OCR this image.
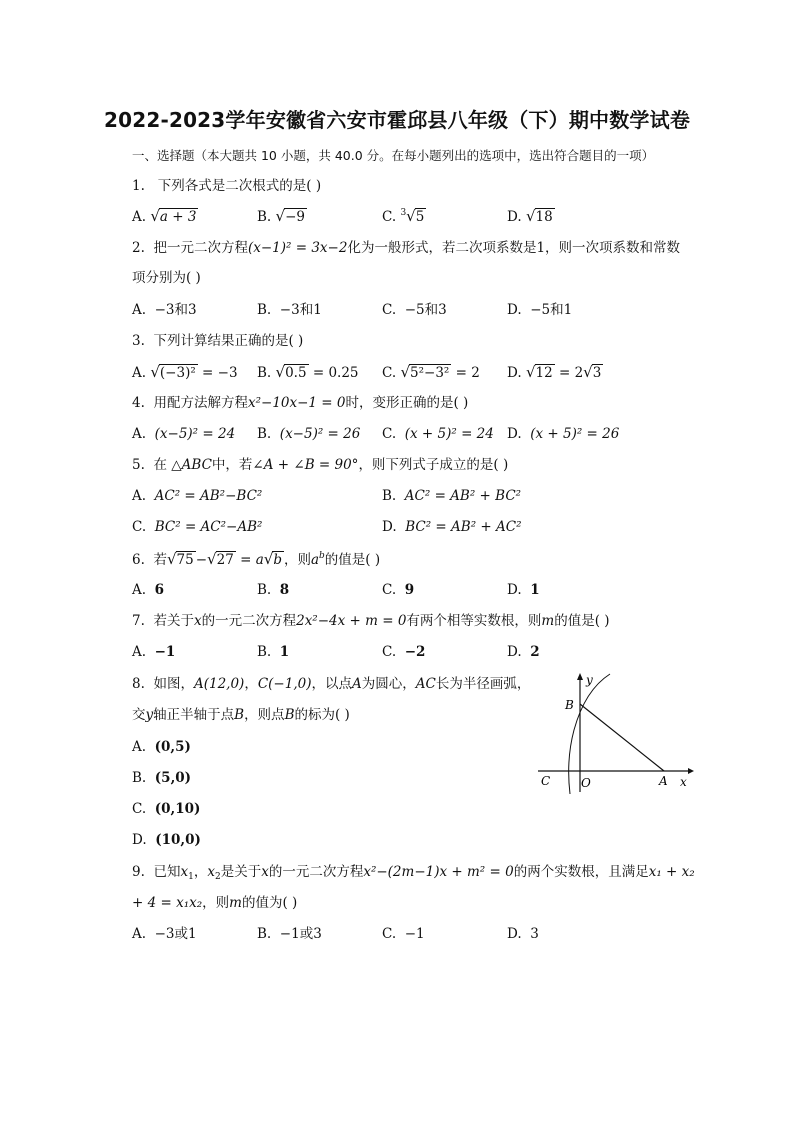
2022-2023学年安徽省六安市霍邱县八年级（下）期中数学试卷
一、选择题（本大题共 10 小题，共 40.0 分。在每小题列出的选项中，选出符合题目的一项）
1. 下列各式是二次根式的是( )
A. √a + 3	B. √−9	C. $^3$√5	D. √18
2. 把一元二次方程(x−1)² = 3x−2化为一般形式，若二次项系数是1，则一次项系数和常数
项分别为( )
A.  −3和3	B.  −3和1	C.  −5和3	D.  −5和1
3. 下列计算结果正确的是( )
A. √(−3)² = −3 B. √0.5 = 0.25 C. √5²−3² = 2 D. √12 = 2√3
4. 用配方法解方程x²−10x−1 = 0时，变形正确的是( )
A.  (x−5)² = 24 B.  (x−5)² = 26 C.  (x + 5)² = 24 D.  (x + 5)² = 26
5. 在 △ABC中，若∠A + ∠B = 90°，则下列式子成立的是( )
A.  AC² = AB²−BC²	B.  AC² = AB² + BC²
C.  BC² = AC²−AB²	D.  BC² = AB² + AC²
6. 若√75 −√27 = a√b ，则$a^b$的值是( )
A.  6	B.  8	C.  9	D.  1
7. 若关于x的一元二次方程2x²−4x + m = 0有两个相等实数根，则m的值是( )
A.  −1	B.  1	C.  −2	D.  2
8. 如图，A(12,0)，C(−1,0)，以点A为圆心，AC长为半径画弧，
交y轴正半轴于点B，则点B的标为( )
A.  (0,5)
B.  (5,0)
C.  (0,10)
D.  (10,0)
y
B
C	O	A x
9. 已知$x_1$，$x_2$是关于x的一元二次方程x²−(2m−1)x + m² = 0的两个实数根，且满足x₁ + x₂
+ 4 = x₁x₂，则m的值为( )
A.  −3或1	B.  −1或3	C.  −1	D.  3
